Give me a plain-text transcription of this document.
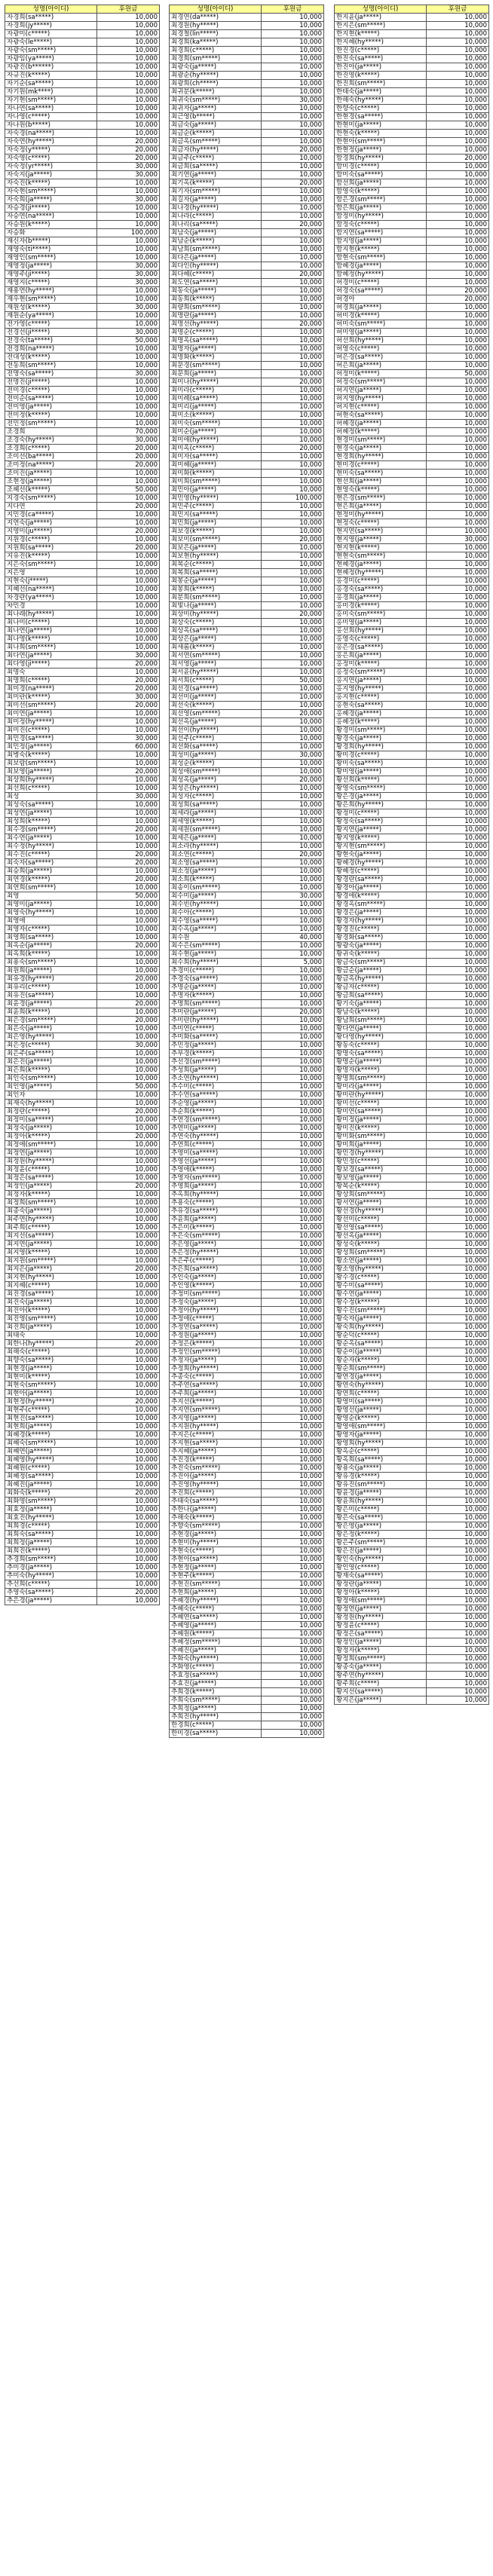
성명(아이디)	후원금
자경희(sa*****)	10,000
자경희(jy*****)	10,000
자광미(c*****)	10,000
자광숙(le*****)	10,000
자광숙(sm*****)	10,000
자광임(ya*****)	10,000
자광진(b******)	10,000
자규진(k*****)	10,000
자기순(sa*****)	10,000
자기원(mk****)	10,000
자기현(sm*****)	10,000
자나연(sa*****)	10,000
자나영(c*****)	10,000
자나원(b*****)	10,000
자숙경(na*****)	10,000
자숙연(hy*****)	20,000
자숙정(y*****)	20,000
자숙영(c*****)	20,000
자숙정(yr*****)	30,000
자숙지(ja*****)	30,000
자숙진(k*****)	10,000
자숙현(sm*****)	10,000
자숙희(ja*****)	30,000
자승경(ji*****)	10,000
자승연(na*****)	10,000
자승원(k*****)	10,000
자승화	100,000
재신자(b*****)	10,000
재영숙(ti*****)	10,000
재영인(sm*****)	10,000
재영정(ja*****)	30,000
재영주(ji*****)	30,000
재영지(c*****)	30,000
재용연(hy*****)	10,000
재우현(sm*****)	10,000
재원성(k*****)	30,000
재원순(ya*****)	10,000
전가영(c*****)	10,000
전경선(ji*****)	30,000
전경숙(ta*****)	50,000
전경희(na*****)	10,000
전대성(k*****)	10,000
전동희(sm*****)	10,000
전명숙(sa*****)	30,000
전명진(ji*****)	10,000
전미경(c*****)	10,000
전미순(sa*****)	10,000
전미영(ja*****)	10,000
전미정(k*****)	10,000
전민정(sm*****)	10,000
조경희	70,000
조경숙(hy*****)	30,000
조경희(c*****)	20,000
조미선(ba*****)	20,000
조미정(na*****)	20,000
조미진(ja*****)	10,000
조현정(ja*****)	10,000
조혜선(k*****)	50,000
지경숙(sm*****)	10,000
지다연	20,000
지민경(ca*****)	10,000
지연숙(ja*****)	10,000
지영미(ju*****)	20,000
지원경(c*****)	10,000
지원희(sa*****)	20,000
지유진(k*****)	10,000
지은숙(sm*****)	10,000
지은영	10,000
지현숙(j*****)	10,000
지혜선(na*****)	10,000
차경란(ya*****)	10,000
차민경	10,000
최나래(hy*****)	10,000
최나미(c*****)	10,000
최나연(ja*****)	10,000
최나영(k*****)	10,000
최나희(sm*****)	10,000
최다연(ja*****)	30,000
최다영(ji*****)	20,000
최명숙	10,000
최명희(c*****)	20,000
최미경(na*****)	20,000
최미란(k*****)	30,000
최미선(sm*****)	20,000
최미연(ja*****)	10,000
최미정(hy*****)	10,000
최미진(c*****)	10,000
최민경(sa*****)	30,000
최민정(ja*****)	60,000
최병숙(k*****)	10,000
최보람(sm*****)	10,000
최보영(ja*****)	20,000
최상희(hy*****)	10,000
최선희(c*****)	10,000
최성	30,000
최성숙(sa*****)	10,000
최성연(ja*****)	10,000
최성희(k*****)	10,000
최수경(sm*****)	20,000
최수연(ja*****)	10,000
최수정(hy*****)	10,000
최수진(c*****)	20,000
최숙자(sa*****)	20,000
최승희(ja*****)	10,000
최연경(k*****)	20,000
최연희(sm*****)	10,000
최영	50,000
최영미(ja*****)	10,000
최영숙(hy*****)	10,000
최영애	10,000
최영자(c*****)	10,000
최영희(sa*****)	10,000
최옥순(ja*****)	20,000
최옥희(k*****)	10,000
최용숙(sm*****)	10,000
최원희(ja*****)	10,000
최유경(hy*****)	20,000
최유리(c*****)	10,000
최유진(sa*****)	10,000
최윤경(ja*****)	20,000
최윤희(k*****)	10,000
최은경(sm*****)	20,000
최은숙(ja*****)	10,000
최은영(hy*****)	10,000
최은정(c*****)	30,000
최은주(sa*****)	10,000
최은진(ja*****)	10,000
최은희(k*****)	10,000
최인숙(sm*****)	10,000
최인영(ja*****)	50,000
최인자	10,000
최재숙(hy*****)	10,000
최정란(c*****)	20,000
최정미(sa*****)	10,000
최정숙(ja*****)	10,000
최정아(k*****)	20,000
최정애(sm*****)	10,000
최정연(ja*****)	10,000
최정원(hy*****)	10,000
최정윤(c*****)	10,000
최정은(sa*****)	10,000
최정인(ja*****)	20,000
최정자(k*****)	10,000
최정희(sm*****)	10,000
최종숙(ja*****)	10,000
최주연(hy*****)	10,000
최주희(c*****)	10,000
최지선(sa*****)	10,000
최지연(ja*****)	10,000
최지영(k*****)	10,000
최지원(sm*****)	10,000
최지은(ja*****)	20,000
최지현(hy*****)	10,000
최지혜(c*****)	10,000
최진경(sa*****)	10,000
최진숙(ja*****)	10,000
최진아(k*****)	10,000
최진영(sm*****)	10,000
최진희(ja*****)	10,000
최태숙	10,000
최한나(hy*****)	20,000
최해숙(c*****)	10,000
최향숙(sa*****)	10,000
최현경(ja*****)	10,000
최현미(k*****)	10,000
최현숙(sm*****)	10,000
최현아(ja*****)	10,000
최현정(hy*****)	20,000
최현주(c*****)	10,000
최현진(sa*****)	10,000
최현희(ja*****)	10,000
최혜경(k*****)	10,000
최혜숙(sm*****)	10,000
최혜연(ja*****)	10,000
최혜영(hy*****)	10,000
최혜원(c*****)	10,000
최혜정(sa*****)	10,000
최혜진(ja*****)	10,000
최화숙(k*****)	20,000
최화영(sm*****)	10,000
최효정(ja*****)	10,000
최효진(hy*****)	10,000
최희경(c*****)	10,000
최희숙(sa*****)	10,000
최희정(ja*****)	10,000
최희진(k*****)	10,000
추경희(sm*****)	10,000
추미경(ja*****)	10,000
추미숙(hy*****)	10,000
추선희(c*****)	10,000
추영숙(sa*****)	20,000
추은경(ja*****)	10,000
성명(아이디)	후원금
최경연(da*****)	10,000
최경원(hy*****)	10,000
최경철(lin*****)	10,000
최경희(ka*****)	10,000
최경희(c*****)	10,000
최경희(sm*****)	10,000
최광숙(ja*****)	10,000
최광순(hy*****)	10,000
최광희(ch*****)	10,000
최귀분(k*****)	10,000
최귀숙(sm*****)	30,000
최귀자(ja*****)	10,000
최근영(b*****)	10,000
최금숙(ja*****)	10,000
최금순(k*****)	10,000
최금옥(sm*****)	10,000
최금자(hy*****)	20,000
최금주(c*****)	10,000
최금희(sa*****)	10,000
최기연(ja*****)	10,000
최기옥(k*****)	20,000
최기자(sm*****)	10,000
최길자(ja*****)	10,000
최나경(hy*****)	10,000
최나라(c*****)	10,000
최나리(sa*****)	20,000
최남숙(ja*****)	10,000
최남순(k*****)	10,000
최남희(sm*****)	10,000
최다은(ja*****)	10,000
최다인(hy*****)	10,000
최다혜(c*****)	20,000
최도연(sa*****)	10,000
최동숙(ja*****)	10,000
최동희(k*****)	10,000
최량희(sm*****)	10,000
최명란(ja*****)	10,000
최명선(hy*****)	20,000
최명순(c*****)	10,000
최명옥(sa*****)	10,000
최명자(ja*****)	10,000
최명화(k*****)	10,000
최문경(sm*****)	10,000
최문희(ja*****)	10,000
최미나(hy*****)	20,000
최미라(c*****)	10,000
최미례(sa*****)	10,000
최미리(ja*****)	10,000
최미소(k*****)	10,000
최미숙(sm*****)	10,000
최미순(ja*****)	10,000
최미애(hy*****)	10,000
최미옥(c*****)	20,000
최미자(sa*****)	10,000
최미혜(ja*****)	10,000
최미화(k*****)	10,000
최미희(sm*****)	10,000
최민아(ja*****)	10,000
최민영(hy*****)	100,000
최민주(c*****)	10,000
최민지(sa*****)	10,000
최민희(ja*****)	10,000
최보경(k*****)	10,000
최보미(sm*****)	20,000
최보은(ja*****)	10,000
최보현(hy*****)	10,000
최복순(c*****)	10,000
최복희(sa*****)	10,000
최봉순(ja*****)	10,000
최봉희(k*****)	10,000
최분희(sm*****)	10,000
최빛나(ja*****)	10,000
최상미(hy*****)	20,000
최상숙(c*****)	10,000
최상옥(sa*****)	10,000
최상은(ja*****)	10,000
최새롬(k*****)	10,000
최서연(sm*****)	10,000
최서영(ja*****)	10,000
최서윤(hy*****)	10,000
최서희(c*****)	50,000
최선경(sa*****)	10,000
최선미(ja*****)	10,000
최선숙(k*****)	10,000
최선영(sm*****)	20,000
최선옥(ja*****)	10,000
최선이(hy*****)	10,000
최선주(c*****)	10,000
최선화(sa*****)	10,000
최성미(ja*****)	30,000
최성순(k*****)	10,000
최성애(sm*****)	10,000
최성옥(ja*****)	20,000
최성은(hy*****)	10,000
최성자(c*****)	10,000
최성희(sa*****)	10,000
최세라(ja*****)	10,000
최세영(k*****)	10,000
최세원(sm*****)	10,000
최세은(ja*****)	10,000
최소라(hy*****)	10,000
최소연(c*****)	20,000
최소영(sa*****)	10,000
최소정(ja*****)	10,000
최소희(k*****)	10,000
최송이(sm*****)	10,000
최수미(ja*****)	30,000
최수빈(hy*****)	10,000
최수아(c*****)	10,000
최수영(sa*****)	10,000
최수옥(ja*****)	10,000
최수원	40,000
최수은(sm*****)	10,000
최수현(ja*****)	10,000
최수희(hy*****)	5,000
추경미(c*****)	10,000
추경숙(sa*****)	10,000
추명순(ja*****)	10,000
추명자(k*****)	10,000
추명희(sm*****)	10,000
추미란(ja*****)	20,000
추미란(hy*****)	10,000
추미연(c*****)	10,000
추미화(sa*****)	10,000
추민정(ja*****)	10,000
추부경(k*****)	10,000
추선경(sm*****)	10,000
추성희(ja*****)	10,000
추소연(hy*****)	10,000
추수미(c*****)	10,000
추수연(sa*****)	10,000
추순영(ja*****)	10,000
추순희(k*****)	10,000
추연경(sm*****)	10,000
추연미(ja*****)	10,000
추연숙(hy*****)	10,000
추연희(c*****)	10,000
추영미(sa*****)	10,000
추영선(ja*****)	10,000
추영애(k*****)	10,000
추영자(sm*****)	10,000
추영희(ja*****)	10,000
추옥희(hy*****)	10,000
추용숙(c*****)	10,000
추유경(sa*****)	10,000
추윤희(ja*****)	10,000
추은미(k*****)	10,000
추은숙(sm*****)	10,000
추은영(ja*****)	10,000
추은정(hy*****)	10,000
추은주(c*****)	10,000
추은희(sa*****)	10,000
추인숙(ja*****)	10,000
추인영(k*****)	10,000
추정미(sm*****)	10,000
추정숙(ja*****)	10,000
추정아(hy*****)	10,000
추정애(c*****)	10,000
추정연(sa*****)	10,000
추정원(ja*****)	10,000
추정은(k*****)	10,000
추정인(sm*****)	10,000
추정자(ja*****)	10,000
추정희(hy*****)	10,000
추종숙(c*****)	10,000
추주연(sa*****)	10,000
추주희(ja*****)	10,000
추지선(k*****)	10,000
추지연(sm*****)	10,000
추지영(ja*****)	10,000
추지원(hy*****)	10,000
추지은(c*****)	10,000
추지현(sa*****)	10,000
추지혜(ja*****)	10,000
추진경(k*****)	10,000
추진숙(sm*****)	10,000
추진아(ja*****)	10,000
추진영(hy*****)	10,000
추진희(c*****)	10,000
추태숙(sa*****)	10,000
추한나(ja*****)	10,000
추해숙(k*****)	10,000
추향숙(sm*****)	10,000
추현경(ja*****)	10,000
추현미(hy*****)	10,000
추현숙(c*****)	10,000
추현아(sa*****)	10,000
추현정(ja*****)	10,000
추현주(k*****)	10,000
추현진(sm*****)	10,000
추현희(ja*****)	10,000
추혜경(hy*****)	10,000
추혜숙(c*****)	10,000
추혜연(sa*****)	10,000
추혜영(ja*****)	10,000
추혜원(k*****)	10,000
추혜정(sm*****)	10,000
추혜진(ja*****)	10,000
추화숙(hy*****)	10,000
추화영(c*****)	10,000
추효정(sa*****)	10,000
추효진(ja*****)	10,000
추희경(k*****)	10,000
추희숙(sm*****)	10,000
추희정(ja*****)	10,000
추희진(hy*****)	10,000
한경희(c*****)	10,000
한미경(sa*****)	10,000
성명(아이디)	후원금
한지윤(ja*****)	10,000
한지은(sm*****)	10,000
한지현(k*****)	10,000
한지혜(hy*****)	10,000
한진경(c*****)	10,000
한진숙(sa*****)	10,000
한진아(ja*****)	10,000
한진영(k*****)	10,000
한진희(sm*****)	10,000
한태숙(ja*****)	10,000
한해숙(hy*****)	10,000
한향숙(c*****)	10,000
한현경(sa*****)	10,000
한현미(ja*****)	10,000
한현숙(k*****)	10,000
한현아(sm*****)	10,000
한현정(ja*****)	10,000
함경희(hy*****)	20,000
함미경(c*****)	10,000
함미숙(sa*****)	10,000
함선희(ja*****)	10,000
함영숙(k*****)	10,000
함은경(sm*****)	10,000
함은희(ja*****)	10,000
함정미(hy*****)	10,000
함정숙(c*****)	10,000
함지연(sa*****)	10,000
함지영(ja*****)	10,000
함지현(k*****)	10,000
함현숙(sm*****)	10,000
함혜경(ja*****)	10,000
함혜정(hy*****)	10,000
허경미(c*****)	10,000
허경숙(sa*****)	20,000
허경아	20,000
허경희(ja*****)	10,000
허미경(k*****)	10,000
허미숙(sm*****)	10,000
허미영(ja*****)	10,000
허선희(hy*****)	10,000
허영숙(c*****)	10,000
허은경(sa*****)	10,000
허은희(ja*****)	10,000
허정미(k*****)	50,000
허정숙(sm*****)	10,000
허지연(ja*****)	10,000
허지영(hy*****)	10,000
허지현(c*****)	10,000
허현숙(sa*****)	10,000
허혜경(ja*****)	10,000
허혜정(k*****)	10,000
현경미(sm*****)	10,000
현경숙(ja*****)	10,000
현경희(hy*****)	10,000
현미경(c*****)	10,000
현미숙(sa*****)	10,000
현선희(ja*****)	10,000
현영숙(k*****)	10,000
현은경(sm*****)	10,000
현은희(ja*****)	10,000
현정미(hy*****)	10,000
현정숙(c*****)	10,000
현지연(sa*****)	10,000
현지영(ja*****)	30,000
현지현(k*****)	10,000
현현숙(sm*****)	10,000
현혜경(ja*****)	10,000
현혜정(hy*****)	10,000
홍경미(c*****)	10,000
홍경숙(sa*****)	10,000
홍경희(ja*****)	10,000
홍미경(k*****)	10,000
홍미숙(sm*****)	10,000
홍미영(ja*****)	10,000
홍선희(hy*****)	10,000
홍영숙(c*****)	10,000
홍은경(sa*****)	10,000
홍은희(ja*****)	10,000
홍정미(k*****)	10,000
홍정숙(sm*****)	10,000
홍지연(ja*****)	10,000
홍지영(hy*****)	10,000
홍지현(c*****)	10,000
홍현숙(sa*****)	10,000
홍혜경(ja*****)	10,000
홍혜정(k*****)	10,000
황경미(sm*****)	10,000
황경숙(ja*****)	10,000
황경희(hy*****)	10,000
황미경(c*****)	10,000
황미숙(sa*****)	10,000
황미영(ja*****)	10,000
황선희(k*****)	10,000
황영숙(sm*****)	10,000
황은경(ja*****)	10,000
황은희(hy*****)	10,000
황정미(c*****)	10,000
황정숙(sa*****)	10,000
황지연(ja*****)	10,000
황지영(k*****)	10,000
황지현(sm*****)	10,000
황현숙(ja*****)	10,000
황혜경(hy*****)	10,000
황혜정(c*****)	10,000
황경란(sa*****)	10,000
황경아(ja*****)	10,000
황경애(k*****)	10,000
황경옥(sm*****)	10,000
황경은(ja*****)	10,000
황경자(hy*****)	10,000
황경진(c*****)	10,000
황경화(sa*****)	10,000
황광숙(ja*****)	10,000
황귀숙(k*****)	10,000
황금숙(sm*****)	10,000
황금순(ja*****)	10,000
황금옥(hy*****)	10,000
황금자(c*****)	10,000
황금희(sa*****)	10,000
황기숙(ja*****)	10,000
황남숙(k*****)	10,000
황남희(sm*****)	10,000
황다연(ja*****)	10,000
황다영(hy*****)	10,000
황동숙(c*****)	10,000
황명숙(sa*****)	10,000
황명순(ja*****)	10,000
황명자(k*****)	10,000
황명희(sm*****)	10,000
황미라(ja*****)	10,000
황미란(hy*****)	10,000
황미선(c*****)	10,000
황미연(sa*****)	10,000
황미정(ja*****)	10,000
황미진(k*****)	10,000
황미화(sm*****)	10,000
황미희(ja*****)	10,000
황민경(hy*****)	10,000
황민정(c*****)	10,000
황보경(sa*****)	10,000
황보영(ja*****)	10,000
황복순(k*****)	10,000
황상희(sm*****)	10,000
황서연(ja*****)	10,000
황선경(hy*****)	10,000
황선미(c*****)	10,000
황선영(sa*****)	10,000
황선옥(ja*****)	10,000
황성숙(k*****)	10,000
황성희(sm*****)	10,000
황소연(ja*****)	10,000
황소영(hy*****)	10,000
황수경(c*****)	10,000
황수미(sa*****)	10,000
황수연(ja*****)	10,000
황수정(k*****)	10,000
황수진(sm*****)	10,000
황숙자(ja*****)	10,000
황숙희(hy*****)	10,000
황순덕(c*****)	10,000
황순옥(sa*****)	10,000
황순이(ja*****)	10,000
황순자(k*****)	10,000
황순희(sm*****)	10,000
황연경(ja*****)	10,000
황연숙(hy*****)	10,000
황연희(c*****)	10,000
황영미(sa*****)	10,000
황영선(ja*****)	10,000
황영순(k*****)	10,000
황영애(sm*****)	10,000
황영자(ja*****)	10,000
황영희(hy*****)	10,000
황옥순(c*****)	10,000
황옥희(sa*****)	10,000
황용숙(ja*****)	10,000
황유경(k*****)	10,000
황유진(sm*****)	10,000
황윤경(ja*****)	10,000
황윤희(hy*****)	10,000
황은미(c*****)	10,000
황은숙(sa*****)	10,000
황은영(ja*****)	10,000
황은정(k*****)	10,000
황은주(sm*****)	10,000
황은진(ja*****)	10,000
황인숙(hy*****)	10,000
황인영(c*****)	10,000
황재숙(sa*****)	10,000
황정란(ja*****)	10,000
황정아(k*****)	10,000
황정애(sm*****)	10,000
황정연(ja*****)	10,000
황정원(hy*****)	10,000
황정윤(c*****)	10,000
황정은(sa*****)	10,000
황정인(ja*****)	10,000
황정자(k*****)	10,000
황정희(sm*****)	10,000
황종숙(ja*****)	10,000
황주연(hy*****)	10,000
황주희(c*****)	10,000
황지선(sa*****)	10,000
황지은(ja*****)	10,000
